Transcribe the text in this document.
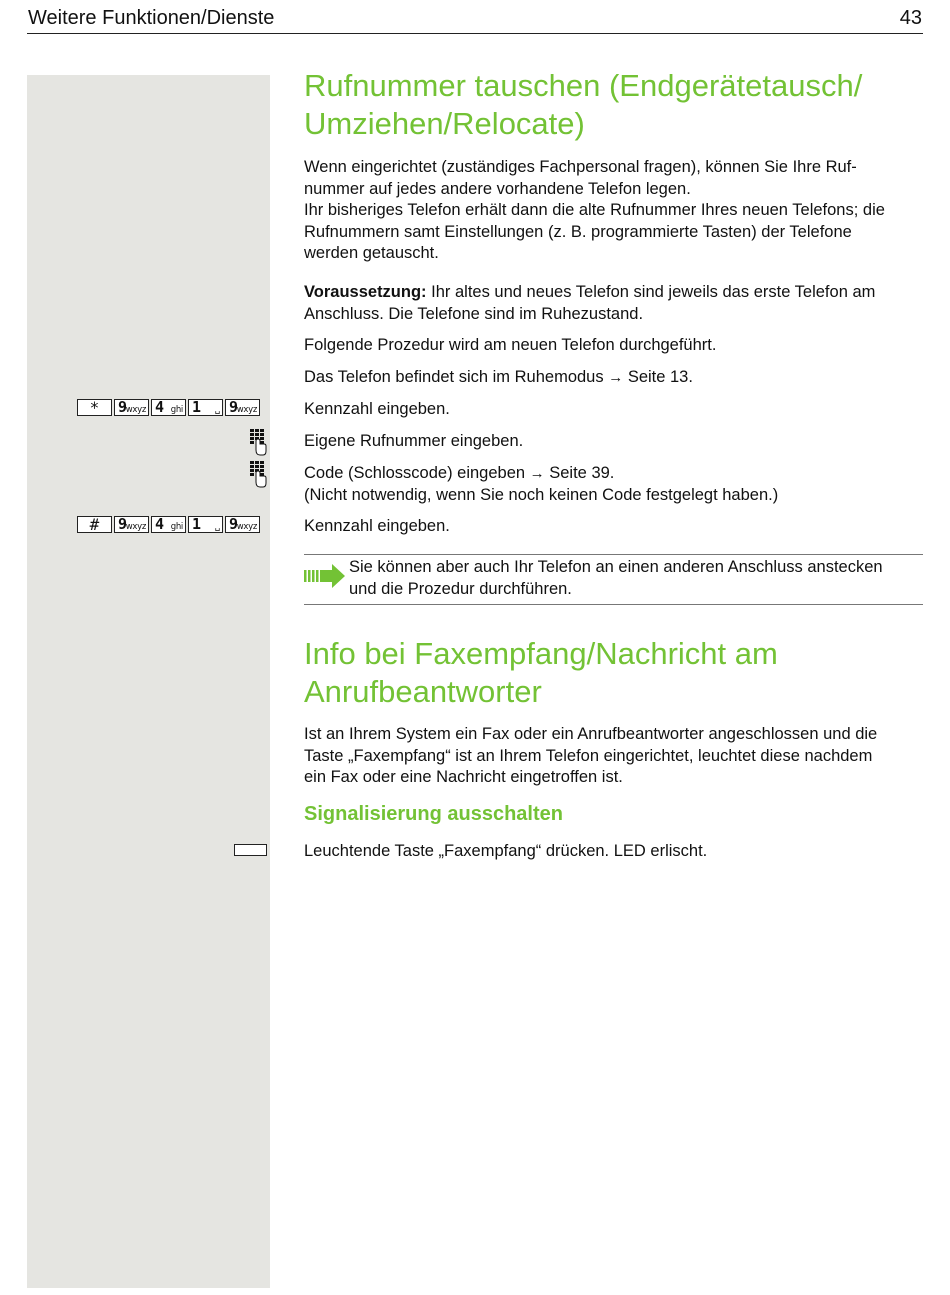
Weitere Funktionen/Dienste	43
*	9
wxyz 4 ghi 1 ␣ 9
wxyz
#	9
wxyz 4 ghi 1 ␣ 9
wxyz
Rufnummer tauschen (Endgerätetausch/
Umziehen/Relocate)

Wenn eingerichtet (zuständiges Fachpersonal fragen), können Sie Ihre Ruf-
nummer auf jedes andere vorhandene Telefon legen.
Ihr bisheriges Telefon erhält dann die alte Rufnummer Ihres neuen Telefons; die
Rufnummern samt Einstellungen (z. B. programmierte Tasten) der Telefone
werden getauscht.

Voraussetzung: Ihr altes und neues Telefon sind jeweils das erste Telefon am
Anschluss. Die Telefone sind im Ruhezustand.

Folgende Prozedur wird am neuen Telefon durchgeführt.

Das Telefon befindet sich im Ruhemodus → Seite 13.

Kennzahl eingeben.

Eigene Rufnummer eingeben.

Code (Schlosscode) eingeben → Seite 39.
(Nicht notwendig, wenn Sie noch keinen Code festgelegt haben.)

Kennzahl eingeben.

Info bei Faxempfang/Nachricht am
Anrufbeantworter

Ist an Ihrem System ein Fax oder ein Anrufbeantworter angeschlossen und die
Taste „Faxempfang“ ist an Ihrem Telefon eingerichtet, leuchtet diese nachdem
ein Fax oder eine Nachricht eingetroffen ist.

Signalisierung ausschalten

Leuchtende Taste „Faxempfang“ drücken. LED erlischt.

Sie können aber auch Ihr Telefon an einen anderen Anschluss anstecken
und die Prozedur durchführen.
